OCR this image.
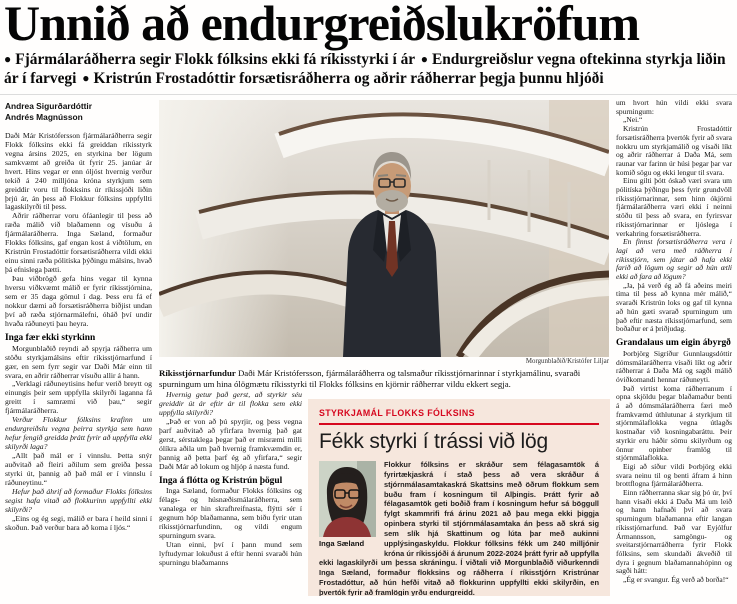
Unnið að endurgreiðslukröfum
● Fjármálaráðherra segir Flokk fólksins ekki fá ríkisstyrki í ár ● Endurgreiðslur vegna oftekinna styrkja liðin ár í farvegi ● Kristrún Frostadóttir forsætisráðherra og aðrir ráðherrar þegja þunnu hljóði
Andrea Sigurðardóttir
Andrés Magnússon

Daði Már Kristófersson fjármálaráðherra segir Flokk fólksins ekki fá greiddan ríkisstyrk vegna ársins 2025, en styrkina ber lögum samkvæmt að greiða út fyrir 25. janúar ár hvert. Hins vegar er enn óljóst hvernig verður tekið á 240 milljóna króna styrkjum sem greiddir voru til flokksins úr ríkissjóði liðin þrjú ár, án þess að Flokkur fólksins uppfyllti lagaskilyrði til þess.

Aðrir ráðherrar voru ófáanlegir til þess að ræða málið við blaðamenn og vísuðu á fjármálaráðherra. Inga Sæland, formaður Flokks fólksins, gaf engan kost á viðtölum, en Kristrún Frostadóttir forsætisráðherra vildi ekki einu sinni ræða pólitíska þýðingu málsins, hvað þá efnislega þætti.

Þau viðbrögð gefa hins vegar til kynna hversu viðkvæmt málið er fyrir ríkisstjórnina, sem er 35 daga gömul í dag. Þess eru fá ef nokkur dæmi að forsætisráðherra biðjist undan því að ræða stjórnarmálefni, óháð því undir hvaða ráðuneyti þau heyra.

Inga fær ekki styrkinn

Morgunblaðið reyndi að spyrja ráðherra um stöðu styrkjamálsins eftir ríkisstjórnarfund í gær, en sem fyrr segir var Daði Már einn til svara, en aðrir ráðherrar vísuðu allir á hann.

„Verklagi ráðuneytisins hefur verið breytt og einungis þeir sem uppfylla skilyrði laganna fá greitt í samræmi við þau,“ segir fjármálaráðherra.

Verður Flokkur fólksins krafinn um endurgreiðslu vegna þeirra styrkja sem hann hefur fengið greidda þrátt fyrir að uppfylla ekki skilyrði laga?

„Allt það mál er í vinnslu. Þetta snýr auðvitað að fleiri aðilum sem greiða þessa styrki út, þannig að það mál er í vinnslu í ráðuneytinu.“

Hefur það áhrif að formaður Flokks fólksins segist hafa vitað að flokkurinn uppfyllti ekki skilyrði?

„Eins og ég segi, málið er bara í heild sinni í skoðun. Það verður bara að koma í ljós.“

Morgunblaðið/Kristófer Liljar
Ríkisstjórnarfundur Daði Már Kristófersson, fjármálaráðherra og talsmaður ríkisstjórnarinnar í styrkjamálinu, svaraði spurningum um hina ólögmætu ríkisstyrki til Flokks fólksins en kjörnir ráðherrar vildu ekkert segja.

Hvernig getur það gerst, að styrkir séu greiddir út ár eftir ár til flokka sem ekki uppfylla skilyrði?

„Það er von að þú spyrjir, og þess vegna þarf auðvitað að yfirfara hvernig það gat gerst, sérstaklega þegar það er misræmi milli ólíkra aðila um það hvernig framkvæmdin er, þannig að þetta þarf ég að yfirfara,“ segir Daði Már að lokum og hljóp á næsta fund.

Inga á flótta og Kristrún þögul

Inga Sæland, formaður Flokks fólksins og félags- og húsnæðismálaráðherra, sem vanalega er hin skrafhreifnasta, flýtti sér í gegnum hóp blaðamanna, sem biðu fyrir utan ríkisstjórnarfundinn, og vildi engum spurningum svara.

Utan einni, því í þann mund sem lyftudyrnar lokuðust á eftir henni svaraði hún spurningu blaðamanns

STYRKJAMÁL FLOKKS FÓLKSINS
Fékk styrki í trássi við lög
Inga Sæland
Flokkur fólksins er skráður sem félagasamtök á fyrirtækjaskrá í stað þess að vera skráður á stjórnmálasamtakaskrá Skattsins með öðrum flokkum sem buðu fram í kosningum til Alþingis. Þrátt fyrir að félagasamtök geti boðið fram í kosningum hefur sá böggull fylgt skammrifi frá árinu 2021 að þau mega ekki þiggja opinbera styrki til stjórnmálasamtaka án þess að skrá sig sem slík hjá Skattinum og lúta þar með aukinni upplýsingaskyldu. Flokkur fólksins fékk um 240 milljónir króna úr ríkissjóði á árunum 2022-2024 þrátt fyrir að uppfylla ekki lagaskilyrði um þessa skráningu. Í viðtali við Morgunblaðið viðurkenndi Inga Sæland, formaður flokksins og ráðherra í ríkisstjórn Kristrúnar Frostadóttur, að hún hefði vitað að flokkurinn uppfyllti ekki skilyrðin, en þvertók fyrir að framlögin yrðu endurgreidd.

um hvort hún vildi ekki svara spurningum:

„Nei.“

Kristrún Frostadóttir forsætisráðherra þvertók fyrir að svara nokkru um styrkjamálið og vísaði líkt og aðrir ráðherrar á Daða Má, sem raunar var farinn úr húsi þegar þar var komið sögu og ekki lengur til svara.

Einu gilti þótt óskað væri svara um pólitíska þýðingu þess fyrir grundvöll ríkisstjórnarinnar, sem hinn ókjörni fjármálaráðherra væri ekki í neinni stöðu til þess að svara, en fyrirsvar ríkisstjórnarinnar er ljóslega í verkahring forsætisráðherra.

En finnst forsætisráðherra vera í lagi að vera með ráðherra í ríkisstjórn, sem játar að hafa ekki farið að lögum og segir að hún ætli ekki að fara að lögum?

„Ja, þá verð ég að fá aðeins meiri tíma til þess að kynna mér málið,“ svaraði Kristrún loks og gaf til kynna að hún gæti svarað spurningum um það eftir næsta ríkisstjórnarfund, sem boðaður er á þriðjudag.

Grandalaus um eigin ábyrgð

Þorbjörg Sigríður Gunnlaugsdóttir dómsmálaráðherra vísaði líkt og aðrir ráðherrar á Daða Má og sagði málið óviðkomandi hennar ráðuneyti.

Það virtist koma ráðherranum í opna skjöldu þegar blaðamaður benti á að dómsmálaráðherra færi með framkvæmd úthlutunar á styrkjum til stjórnmálaflokka vegna útlagðs kostnaðar við kosningabaráttu. Þeir styrkir eru háðir sömu skilyrðum og önnur opinber framlög til stjórnmálaflokka.

Eigi að síður vildi Þorbjörg ekki svara neinu til og benti áfram á hinn brottflogna fjármálaráðherra.

Einn ráðherranna skar sig þó úr, því hann vísaði ekki á Daða Má um leið og hann hafnaði því að svara spurningum blaðamanna eftir langan ríkisstjórnarfund. Það var Eyjólfur Ármannsson, samgöngu- og sveitarstjórnarráðherra fyrir Flokk fólksins, sem skundaði ákveðið til dyra í gegnum blaðamannahópinn og sagði hátt:

„Ég er svangur. Ég verð að borða!“
